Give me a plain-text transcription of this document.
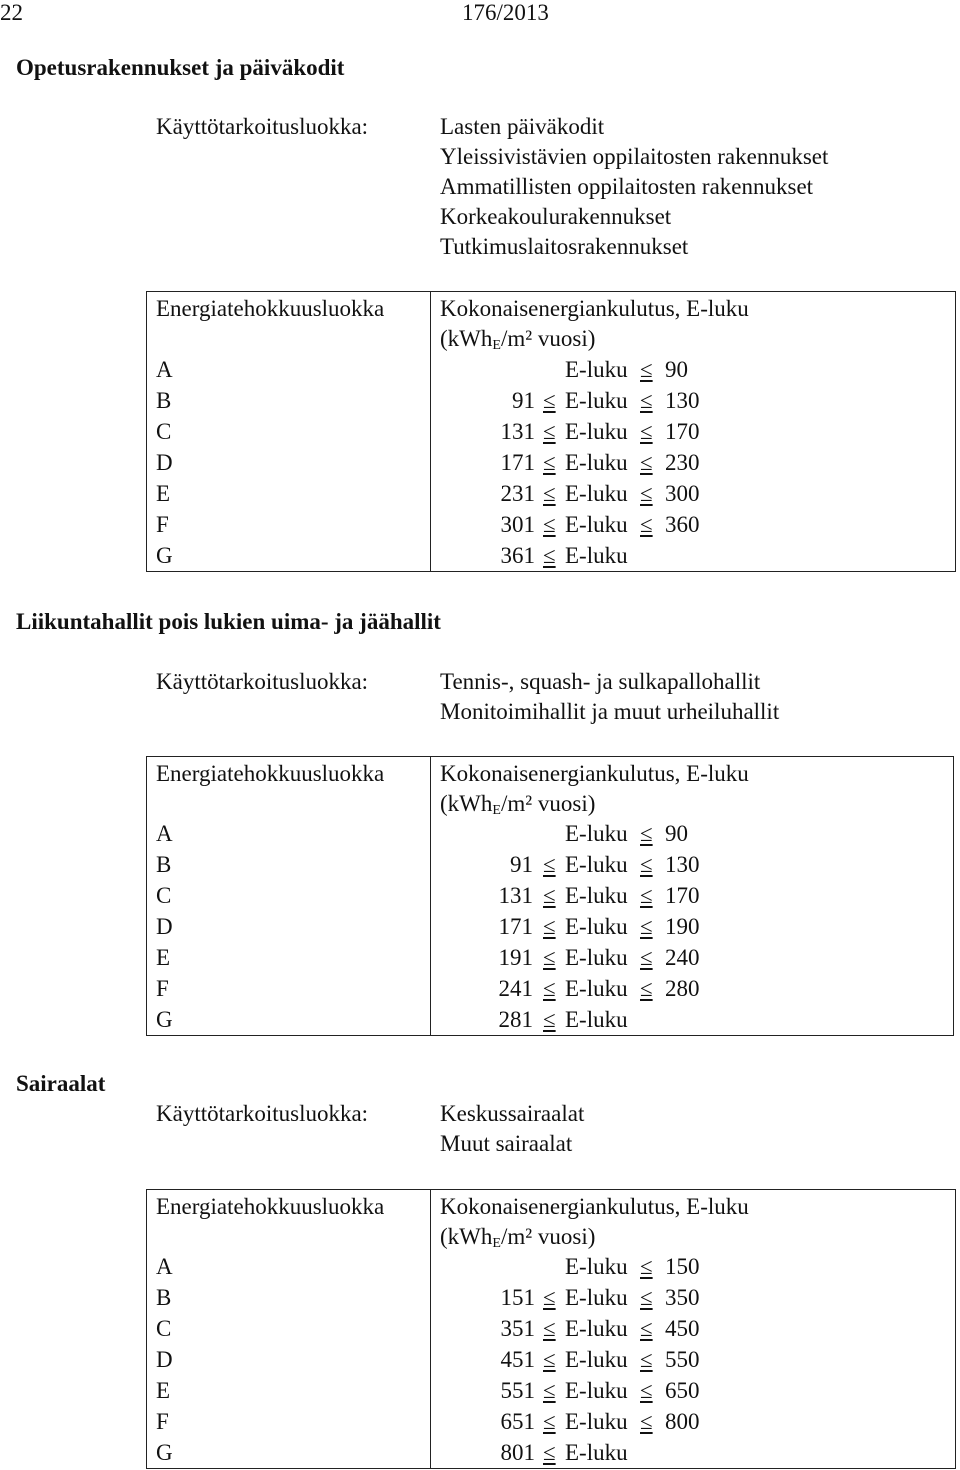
22	176/2013
Opetusrakennukset ja päiväkodit
Käyttötarkoitusluokka:	Lasten päiväkodit
Yleissivistävien oppilaitosten rakennukset
Ammatillisten oppilaitosten rakennukset
Korkeakoulurakennukset
Tutkimuslaitosrakennukset
Energiatehokkuusluokka Kokonaisenergiankulutus, E-luku
(kWh$_E$/m² vuosi)
A	E-luku ≤ 90
B	91 ≤ E-luku ≤ 130
C	131 ≤ E-luku ≤ 170
D	171 ≤ E-luku ≤ 230
E	231 ≤ E-luku ≤ 300
F	301 ≤ E-luku ≤ 360
G	361 ≤ E-luku
Liikuntahallit pois lukien uima- ja jäähallit
Käyttötarkoitusluokka:	Tennis-, squash- ja sulkapallohallit
Monitoimihallit ja muut urheiluhallit
Energiatehokkuusluokka Kokonaisenergiankulutus, E-luku
(kWh$_E$/m² vuosi)
A	E-luku ≤ 90
B	91 ≤ E-luku ≤ 130
C	131 ≤ E-luku ≤ 170
D	171 ≤ E-luku ≤ 190
E	191 ≤ E-luku ≤ 240
F	241 ≤ E-luku ≤ 280
G	281 ≤ E-luku
Sairaalat
Käyttötarkoitusluokka:	Keskussairaalat
Muut sairaalat
Energiatehokkuusluokka Kokonaisenergiankulutus, E-luku
(kWh$_E$/m² vuosi)
A	E-luku ≤ 150
B	151 ≤ E-luku ≤ 350
C	351 ≤ E-luku ≤ 450
D	451 ≤ E-luku ≤ 550
E	551 ≤ E-luku ≤ 650
F	651 ≤ E-luku ≤ 800
G	801 ≤ E-luku
